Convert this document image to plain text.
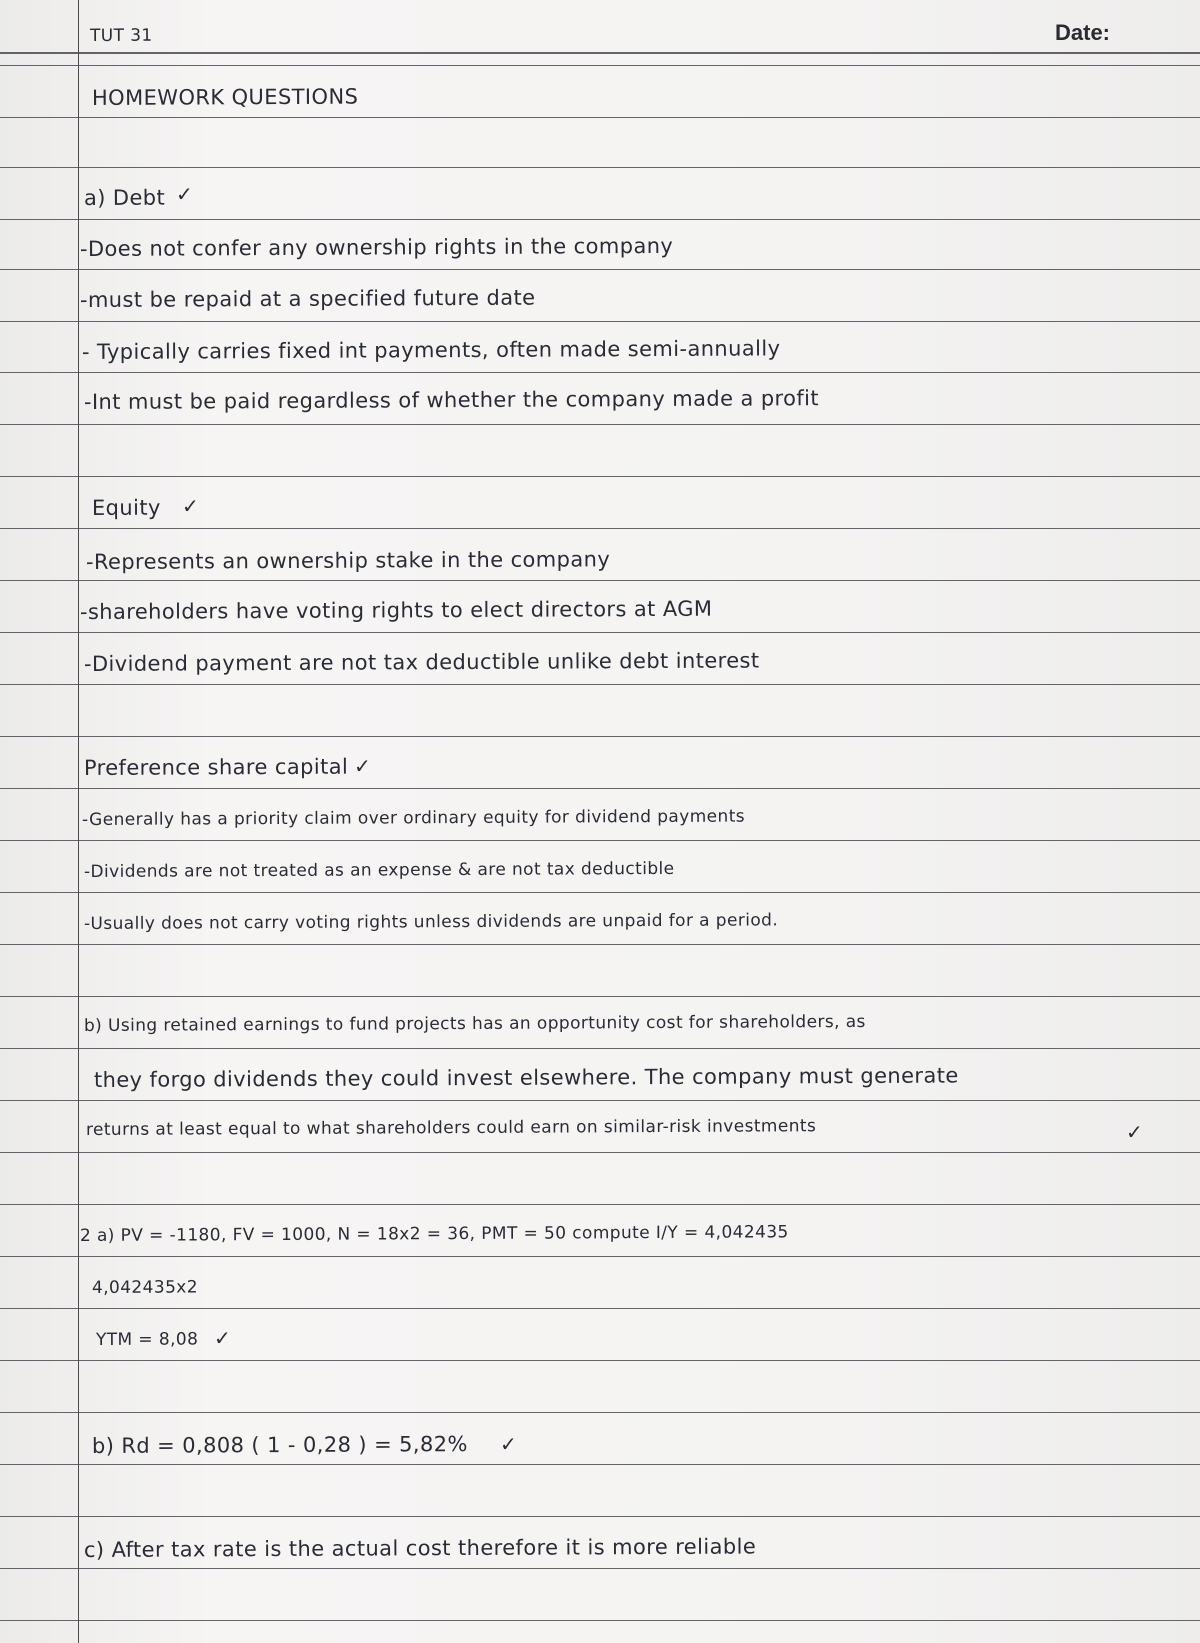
TUT 31	Date:
HOMEWORK QUESTIONS
a) Debt ✓
-Does not confer any ownership rights in the company
-must be repaid at a specified future date
- Typically carries fixed int payments, often made semi-annually
-Int must be paid regardless of whether the company made a profit
Equity ✓
-Represents an ownership stake in the company
-shareholders have voting rights to elect directors at AGM
-Dividend payment are not tax deductible unlike debt interest
Preference share capital ✓
-Generally has a priority claim over ordinary equity for dividend payments
-Dividends are not treated as an expense & are not tax deductible
-Usually does not carry voting rights unless dividends are unpaid for a period.
b) Using retained earnings to fund projects has an opportunity cost for shareholders, as
they forgo dividends they could invest elsewhere. The company must generate
returns at least equal to what shareholders could earn on similar-risk investments	✓
2 a) PV = -1180, FV = 1000, N = 18x2 = 36, PMT = 50 compute I/Y = 4,042435
4,042435x2
YTM = 8,08 ✓
b) Rd = 0,808 ( 1 - 0,28 ) = 5,82% ✓
c) After tax rate is the actual cost therefore it is more reliable
